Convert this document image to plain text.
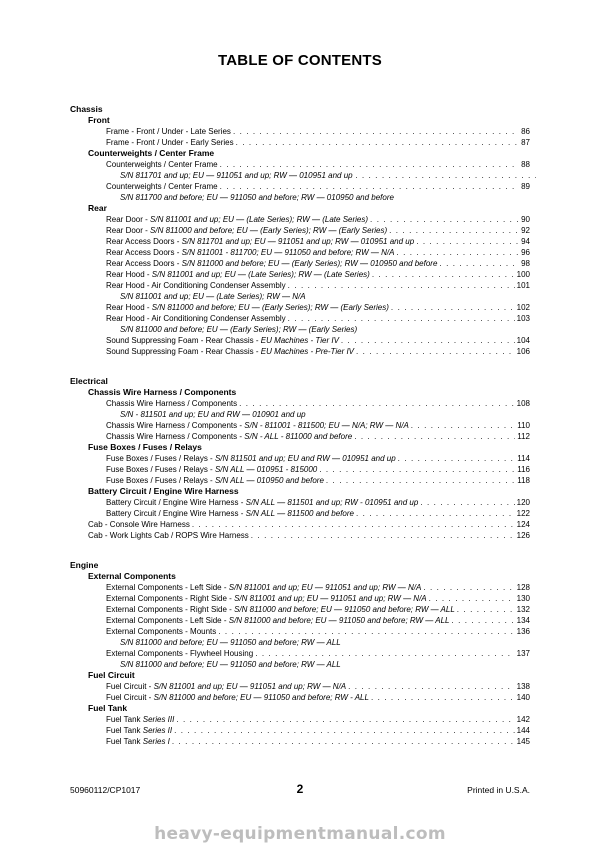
TABLE OF CONTENTS
Chassis
Front
Frame - Front / Under - Late Series . . .	86
Frame - Front / Under - Early Series . . .	87
Counterweights / Center Frame
Counterweights / Center Frame . . .	88
S/N 811701 and up; EU — 911051 and up; RW — 010951 and up
. . .
Counterweights / Center Frame . . .	89
S/N 811700 and before; EU — 911050 and before; RW — 010950 and before
Rear
Rear Door - S/N 811001 and up; EU — (Late Series); RW — (Late Series) . . .	90
Rear Door - S/N 811000 and before; EU — (Early Series); RW — (Early Series) . . .	92
Rear Access Doors - S/N 811701 and up; EU — 911051 and up; RW — 010951 and up . . .	94
Rear Access Doors - S/N 811001 - 811700; EU — 911050 and before; RW — N/A . . .	96
Rear Access Doors - S/N 811000 and before; EU — (Early Series); RW — 010950 and before . . .	98
Rear Hood - S/N 811001 and up; EU — (Late Series); RW — (Late Series) . . .	100
Rear Hood - Air Conditioning Condenser Assembly . . .	101
S/N 811001 and up; EU — (Late Series); RW — N/A
Rear Hood - S/N 811000 and before; EU — (Early Series); RW — (Early Series) . . .	102
Rear Hood - Air Conditioning Condenser Assembly . . .	103
S/N 811000 and before; EU — (Early Series); RW — (Early Series)
Sound Suppressing Foam - Rear Chassis - EU Machines - Tier IV . . .	104
Sound Suppressing Foam - Rear Chassis - EU Machines - Pre-Tier IV . . .	106
Electrical
Chassis Wire Harness / Components
Chassis Wire Harness / Components . . .	108
S/N - 811501 and up; EU and RW — 010901 and up
Chassis Wire Harness / Components - S/N - 811001 - 811500; EU — N/A; RW — N/A . . .	110
Chassis Wire Harness / Components - S/N - ALL - 811000 and before . . .	112
Fuse Boxes / Fuses / Relays
Fuse Boxes / Fuses / Relays - S/N 811501 and up; EU and RW — 010951 and up . . .	114
Fuse Boxes / Fuses / Relays - S/N ALL — 010951 - 815000 . . .	116
Fuse Boxes / Fuses / Relays - S/N ALL — 010950 and before . . .	118
Battery Circuit / Engine Wire Harness
Battery Circuit / Engine Wire Harness - S/N ALL — 811501 and up; RW - 010951 and up . . .	120
Battery Circuit / Engine Wire Harness - S/N ALL — 811500 and before . . .	122
Cab - Console Wire Harness . . .	124
Cab - Work Lights Cab / ROPS Wire Harness . . .	126
Engine
External Components
External Components - Left Side - S/N 811001 and up; EU — 911051 and up; RW — N/A . . .	128
External Components - Right Side - S/N 811001 and up; EU — 911051 and up; RW — N/A . . .	130
External Components - Right Side - S/N 811000 and before; EU — 911050 and before; RW — ALL . . .	132
External Components - Left Side - S/N 811000 and before; EU — 911050 and before; RW — ALL . . .	134
External Components - Mounts . . .	136
S/N 811000 and before; EU — 911050 and before; RW — ALL
External Components - Flywheel Housing . . .	137
S/N 811000 and before; EU — 911050 and before; RW — ALL
Fuel Circuit
Fuel Circuit - S/N 811001 and up; EU — 911051 and up; RW — N/A . . .	138
Fuel Circuit - S/N 811000 and before; EU — 911050 and before; RW - ALL . . .	140
Fuel Tank
Fuel Tank Series III . . .	142
Fuel Tank Series II . . .	144
Fuel Tank Series I . . .	145
50960112/CP1017	2	Printed in U.S.A.
heavy-equipmentmanual.com
